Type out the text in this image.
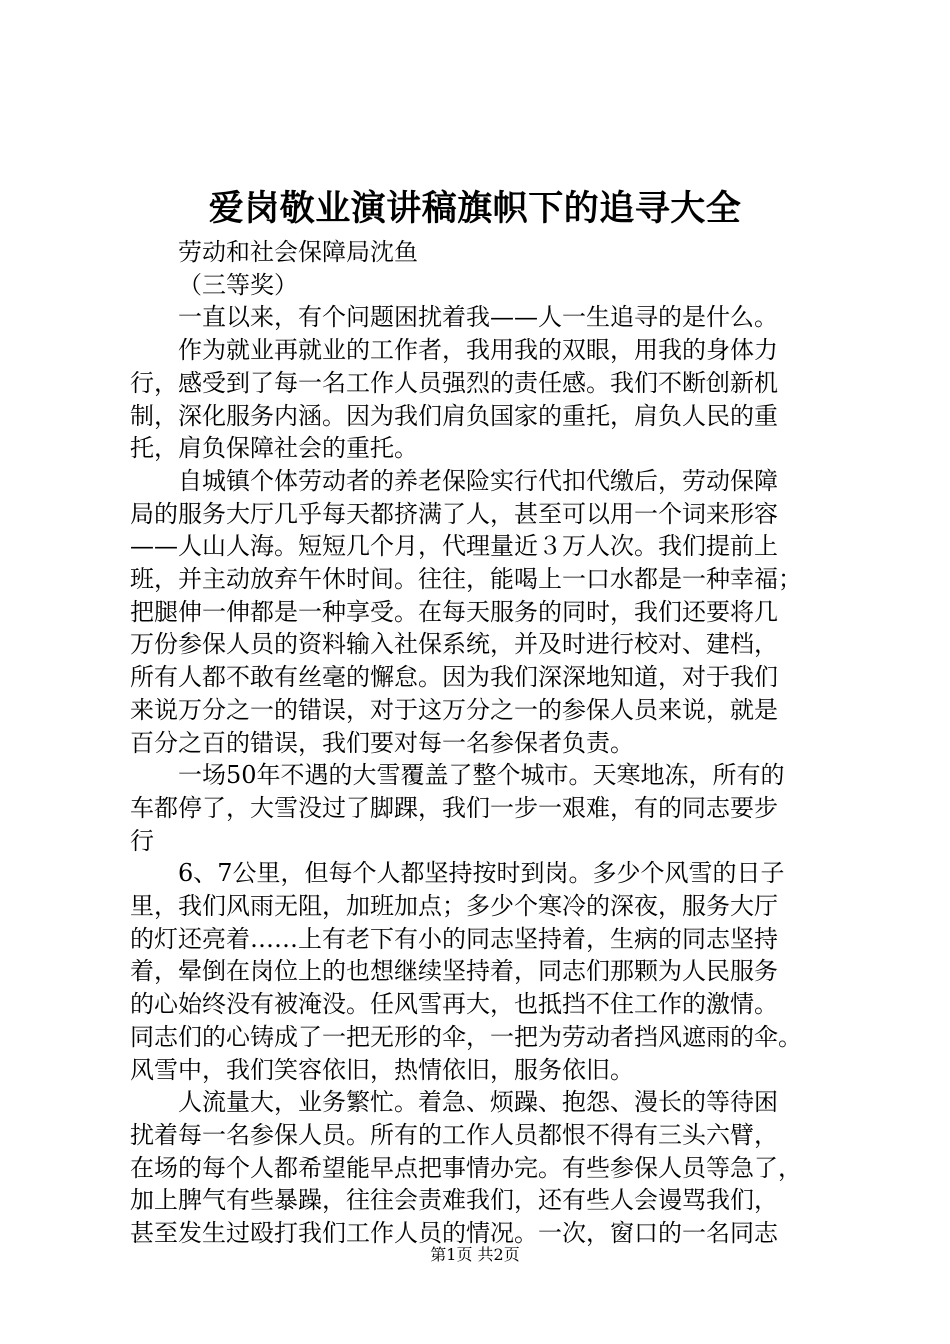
爱岗敬业演讲稿旗帜下的追寻大全

劳动和社会保障局沈鱼

（三等奖）

一直以来，有个问题困扰着我——人一生追寻的是什么。

作为就业再就业的工作者，我用我的双眼，用我的身体力
行，感受到了每一名工作人员强烈的责任感。我们不断创新机
制，深化服务内涵。因为我们肩负国家的重托，肩负人民的重
托，肩负保障社会的重托。

自城镇个体劳动者的养老保险实行代扣代缴后，劳动保障
局的服务大厅几乎每天都挤满了人，甚至可以用一个词来形容
——人山人海。短短几个月，代理量近３万人次。我们提前上
班，并主动放弃午休时间。往往，能喝上一口水都是一种幸福；
把腿伸一伸都是一种享受。在每天服务的同时，我们还要将几
万份参保人员的资料输入社保系统，并及时进行校对、建档，
所有人都不敢有丝毫的懈怠。因为我们深深地知道，对于我们
来说万分之一的错误，对于这万分之一的参保人员来说，就是
百分之百的错误，我们要对每一名参保者负责。

一场50年不遇的大雪覆盖了整个城市。天寒地冻，所有的
车都停了，大雪没过了脚踝，我们一步一艰难，有的同志要步
行

6、7公里，但每个人都坚持按时到岗。多少个风雪的日子
里，我们风雨无阻，加班加点；多少个寒冷的深夜，服务大厅
的灯还亮着……上有老下有小的同志坚持着，生病的同志坚持
着，晕倒在岗位上的也想继续坚持着，同志们那颗为人民服务
的心始终没有被淹没。任风雪再大，也抵挡不住工作的激情。
同志们的心铸成了一把无形的伞，一把为劳动者挡风遮雨的伞。
风雪中，我们笑容依旧，热情依旧，服务依旧。

人流量大，业务繁忙。着急、烦躁、抱怨、漫长的等待困
扰着每一名参保人员。所有的工作人员都恨不得有三头六臂，
在场的每个人都希望能早点把事情办完。有些参保人员等急了，
加上脾气有些暴躁，往往会责难我们，还有些人会谩骂我们，
甚至发生过殴打我们工作人员的情况。一次，窗口的一名同志

第1页 共2页
